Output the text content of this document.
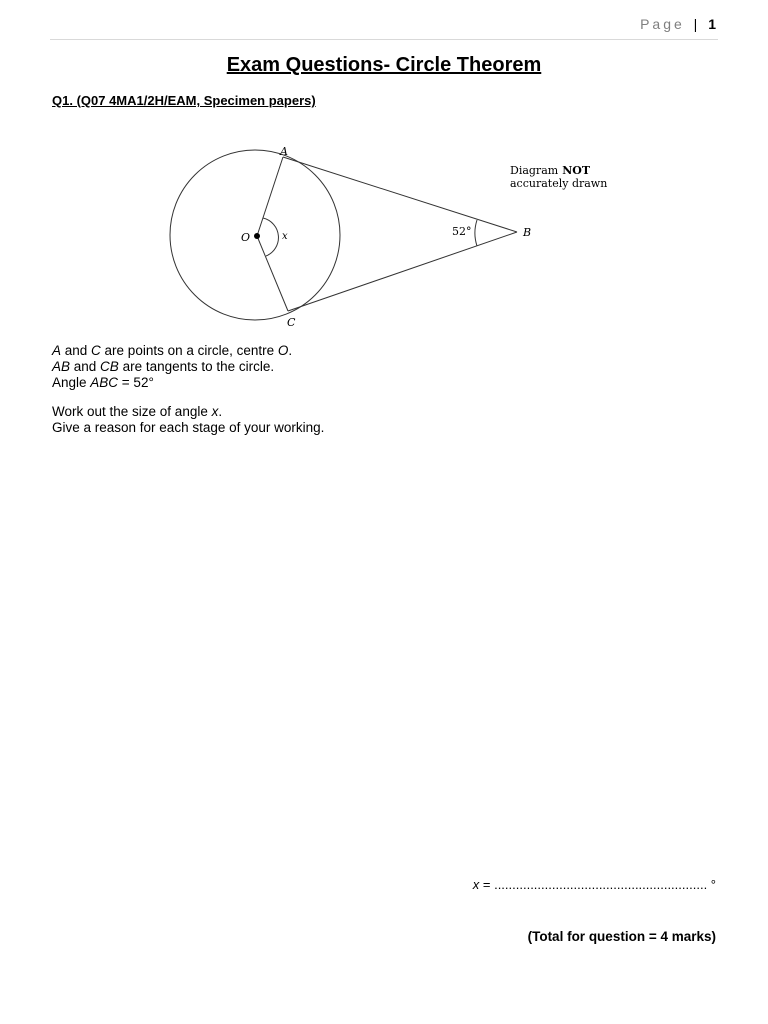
Page | 1
Exam Questions- Circle Theorem
Q1. (Q07 4MA1/2H/EAM, Specimen papers)
A
B
C
O	x	52°
Diagram NOT
accurately drawn

A and C are points on a circle, centre O.

AB and CB are tangents to the circle.

Angle ABC = 52°

Work out the size of angle x.

Give a reason for each stage of your working.

x = ........................................................... °
(Total for question = 4 marks)
